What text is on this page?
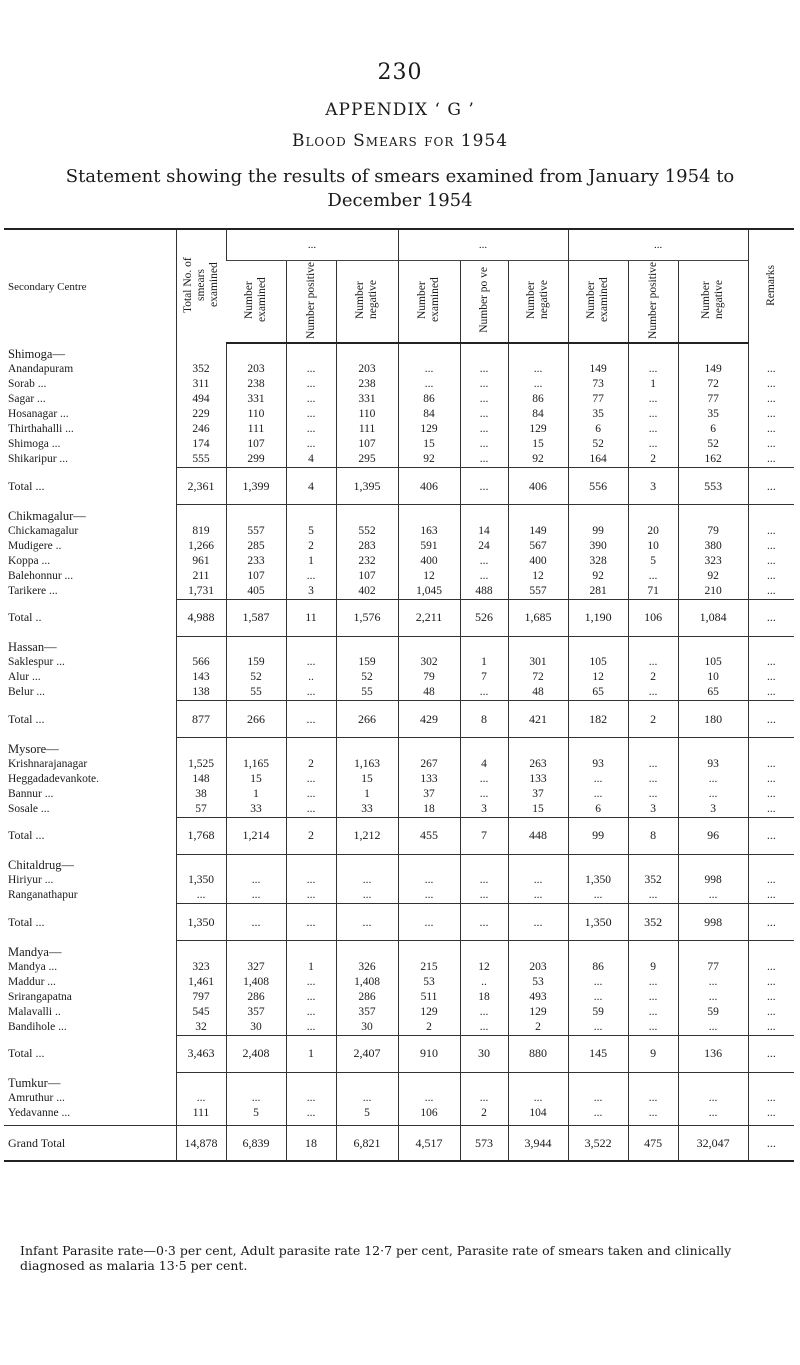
230
APPENDIX ‘ G ’
Blood Smears for 1954
Statement showing the results of smears examined from January 1954 to December 1954
Secondary Centre	Total No. of smears examined	...			...			...			Remarks
		Number examined	Number positive	Number negative	Number examined	Number po ve	Number negative	Number examined	Number positive	Number negative	
Shimoga—											
Anandapuram	352	203	...	203	...	...	...	149	...	149	...
Sorab ...	311	238	...	238	...	...	...	73	1	72	...
Sagar ...	494	331	...	331	86	...	86	77	...	77	...
Hosanagar ...	229	110	...	110	84	...	84	35	...	35	...
Thirthahalli ...	246	111	...	111	129	...	129	6	...	6	...
Shimoga ...	174	107	...	107	15	...	15	52	...	52	...
Shikaripur ...	555	299	4	295	92	...	92	164	2	162	...
Total ...	2,361	1,399	4	1,395	406	...	406	556	3	553	...
Chikmagalur—											
Chickamagalur	819	557	5	552	163	14	149	99	20	79	...
Mudigere ..	1,266	285	2	283	591	24	567	390	10	380	...
Koppa ...	961	233	1	232	400	...	400	328	5	323	...
Balehonnur ...	211	107	...	107	12	...	12	92	...	92	...
Tarikere ...	1,731	405	3	402	1,045	488	557	281	71	210	...
Total ..	4,988	1,587	11	1,576	2,211	526	1,685	1,190	106	1,084	...
Hassan—											
Saklespur ...	566	159	...	159	302	1	301	105	...	105	...
Alur ...	143	52	..	52	79	7	72	12	2	10	...
Belur ...	138	55	...	55	48	...	48	65	...	65	...
Total ...	877	266	...	266	429	8	421	182	2	180	...
Mysore—											
Krishnarajanagar	1,525	1,165	2	1,163	267	4	263	93	...	93	...
Heggadadevankote.	148	15	...	15	133	...	133	...	...	...	...
Bannur ...	38	1	...	1	37	...	37	...	...	...	...
Sosale ...	57	33	...	33	18	3	15	6	3	3	...
Total ...	1,768	1,214	2	1,212	455	7	448	99	8	96	...
Chitaldrug—											
Hiriyur ...	1,350	...	...	...	...	...	...	1,350	352	998	...
Ranganathapur	...	...	...	...	...	...	...	...	...	...	...
Total ...	1,350	...	...	...	...	...	...	1,350	352	998	...
Mandya—											
Mandya ...	323	327	1	326	215	12	203	86	9	77	...
Maddur ...	1,461	1,408	...	1,408	53	..	53	...	...	...	...
Srirangapatna	797	286	...	286	511	18	493	...	...	...	...
Malavalli ..	545	357	...	357	129	...	129	59	...	59	...
Bandihole ...	32	30	...	30	2	...	2	...	...	...	...
Total ...	3,463	2,408	1	2,407	910	30	880	145	9	136	...
Tumkur—											
Amruthur ...	...	...	...	...	...	...	...	...	...	...	...
Yedavanne ...	111	5	...	5	106	2	104	...	...	...	...

Grand Total	14,878	6,839	18	6,821	4,517	573	3,944	3,522	475	32,047	...
Infant Parasite rate—0·3 per cent, Adult parasite rate 12·7 per cent, Parasite rate of smears taken and clinically diagnosed as malaria 13·5 per cent.
